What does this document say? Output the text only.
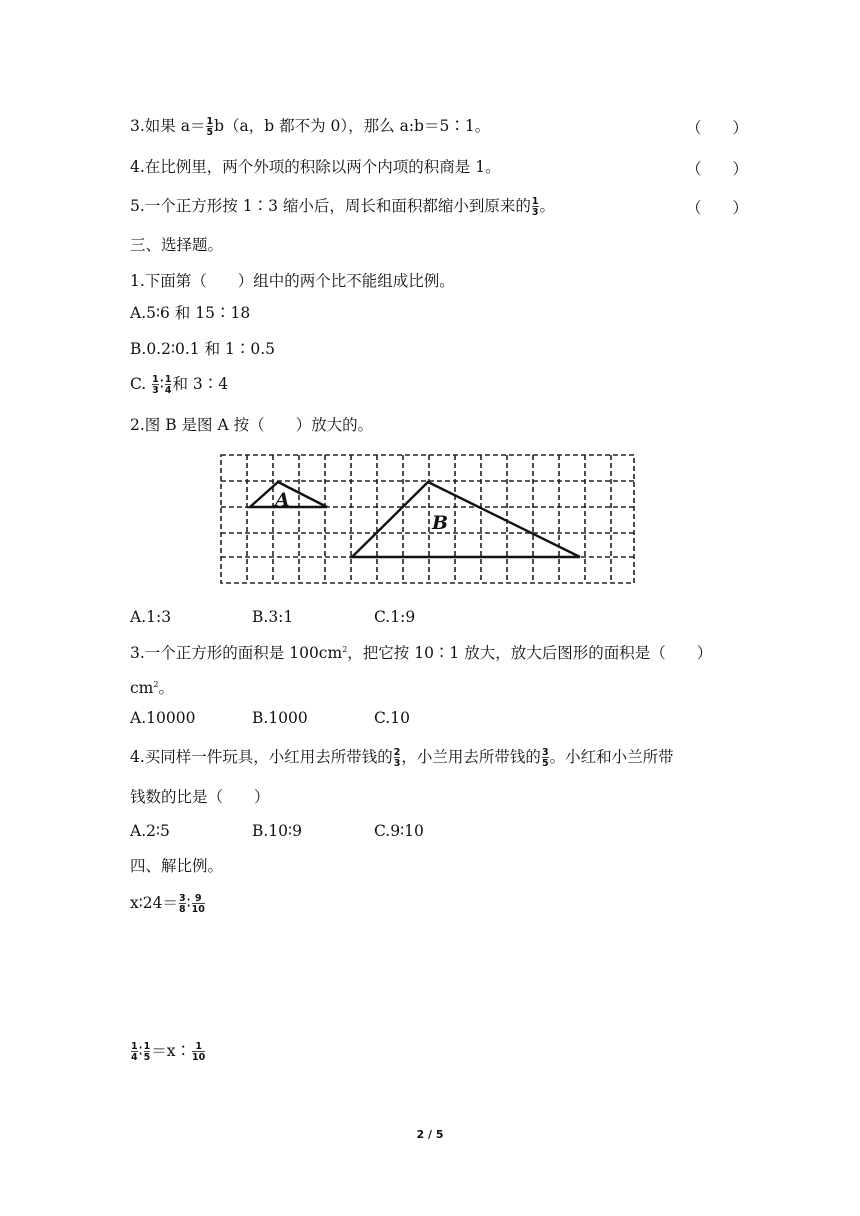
3.如果 $a= \frac{1}{5} b(a$，b 都不为 0），那么 a:b＝5∶1。	（　　）
4.在比例里，两个外项的积除以两个内项的积商是 1。	（　　）
5.一个正方形按 1∶3 缩小后，周长和面积都缩小到原来的 $\frac{1}{3}$ 。	（　　）
三、选择题。
1.下面第（　　）组中的两个比不能组成比例。
A.5∶6 和 15∶18
B.0.2∶0.1 和 1∶0.5
C. $\frac{1}{3}$ ∶ $\frac{1}{4}$ 和 3∶4
2.图 B 是图 A 按（　　）放大的。
A
B
A.1:3	B.3:1	C.1:9
3.一个正方形的面积是 $100cm^2$，把它按 10∶1 放大，放大后图形的面积是（　　）
$cm^2$。
A.10000	B.1000	C.10
4.买同样一件玩具，小红用去所带钱的 $\frac{2}{3}$ ，小兰用去所带钱的 $\frac{3}{5}$ 。小红和小兰所带
钱数的比是（　　）
A.2∶5	B.10∶9	C.9∶10
四、解比例。
x∶24＝ $\frac{3}{8}$ ∶ $\frac{9}{10}$
$\frac{1}{4}$ ∶ $\frac{1}{5}$ ＝x∶ $\frac{1}{10}$
2 / 5
